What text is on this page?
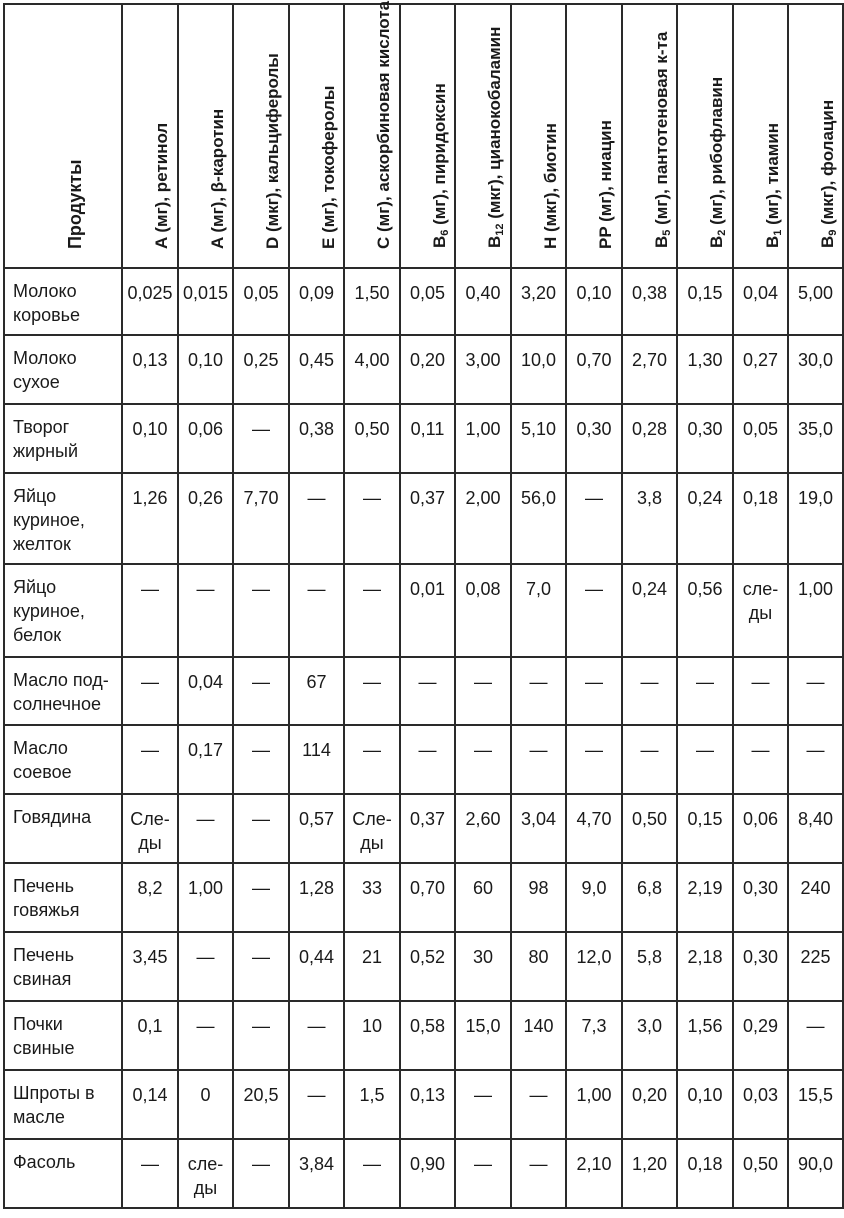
Продукты	A (мг), ретинол	A (мг), β-каротин	D (мкг), кальциферолы	E (мг), токоферолы	C (мг), аскорбиновая кислота	$B_6$ (мг), пиридоксин	$B_{12}$ (мкг), цианокобаламин	H (мкг), биотин	PP (мг), ниацин	$B_5$ (мг), пантотеновая к-та	$B_2$ (мг), рибофлавин	$B_1$ (мг), тиамин	$B_9$ (мкг), фолацин

Молоко коровье	0,025	0,015	0,05	0,09	1,50	0,05	0,40	3,20	0,10	0,38	0,15	0,04	5,00
Молоко сухое	0,13	0,10	0,25	0,45	4,00	0,20	3,00	10,0	0,70	2,70	1,30	0,27	30,0
Творог жирный	0,10	0,06	—	0,38	0,50	0,11	1,00	5,10	0,30	0,28	0,30	0,05	35,0
Яйцо куриное, желток	1,26	0,26	7,70	—	—	0,37	2,00	56,0	—	3,8	0,24	0,18	19,0
Яйцо куриное, белок	—	—	—	—	—	0,01	0,08	7,0	—	0,24	0,56	сле-ды	1,00
Масло под-солнечное	—	0,04	—	67	—	—	—	—	—	—	—	—	—
Масло соевое	—	0,17	—	114	—	—	—	—	—	—	—	—	—
Говядина	Сле-ды	—	—	0,57	Сле-ды	0,37	2,60	3,04	4,70	0,50	0,15	0,06	8,40
Печень говяжья	8,2	1,00	—	1,28	33	0,70	60	98	9,0	6,8	2,19	0,30	240
Печень свиная	3,45	—	—	0,44	21	0,52	30	80	12,0	5,8	2,18	0,30	225
Почки свиные	0,1	—	—	—	10	0,58	15,0	140	7,3	3,0	1,56	0,29	—
Шпроты в масле	0,14	0	20,5	—	1,5	0,13	—	—	1,00	0,20	0,10	0,03	15,5
Фасоль	—	сле-ды	—	3,84	—	0,90	—	—	2,10	1,20	0,18	0,50	90,0
